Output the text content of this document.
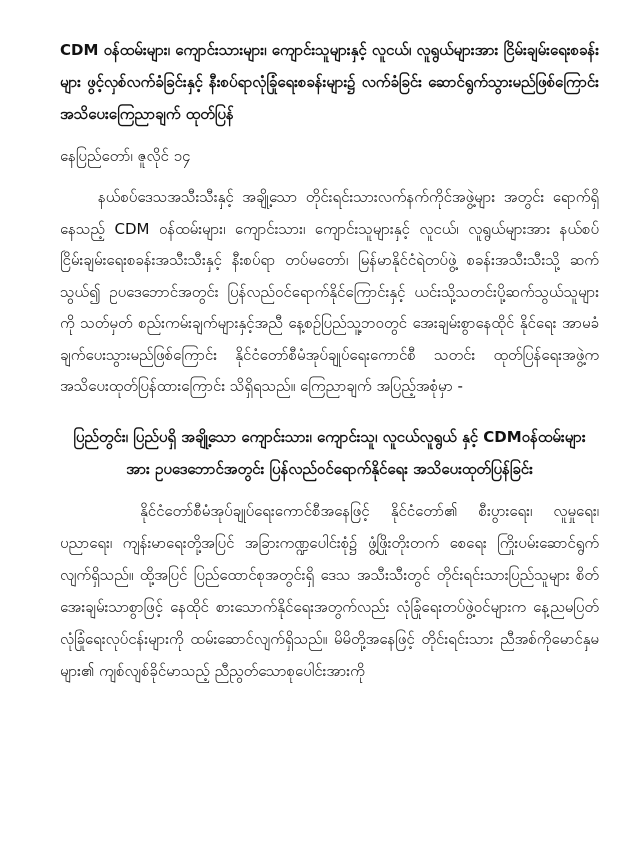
CDM ဝန်ထမ်းများ၊ ကျောင်းသားများ၊ ကျောင်းသူများနှင့် လူငယ်၊ လူရွယ်များအား ငြိမ်းချမ်းရေးစခန်းများ ဖွင့်လှစ်လက်ခံခြင်းနှင့် နီးစပ်ရာလုံခြုံရေးစခန်းများ၌ လက်ခံခြင်း ဆောင်ရွက်သွားမည်ဖြစ်ကြောင်း အသိပေးကြေညာချက် ထုတ်ပြန်

နေပြည်တော်၊ ဇူလိုင် ၁၄

နယ်စပ်ဒေသအသီးသီးနှင့် အချို့သော တိုင်းရင်းသားလက်နက်ကိုင်အဖွဲ့များ အတွင်း ရောက်ရှိနေသည့် CDM ဝန်ထမ်းများ၊ ကျောင်းသား၊ ကျောင်းသူများနှင့် လူငယ်၊ လူရွယ်များအား နယ်စပ်ငြိမ်းချမ်းရေးစခန်းအသီးသီးနှင့် နီးစပ်ရာ တပ်မတော်၊ မြန်မာနိုင်ငံရဲတပ်ဖွဲ့ စခန်းအသီးသီးသို့ ဆက်သွယ်၍ ဥပဒေဘောင်အတွင်း ပြန်လည်ဝင်ရောက်နိုင်ကြောင်းနှင့် ယင်းသို့သတင်းပို့ဆက်သွယ်သူများကို သတ်မှတ် စည်းကမ်းချက်များနှင့်အညီ နေ့စဉ်ပြည်သူ့ဘဝတွင် အေးချမ်းစွာနေထိုင် နိုင်ရေး အာမခံချက်ပေးသွားမည်ဖြစ်ကြောင်း နိုင်ငံတော်စီမံအုပ်ချုပ်ရေးကောင်စီ သတင်း ထုတ်ပြန်ရေးအဖွဲ့က အသိပေးထုတ်ပြန်ထားကြောင်း သိရှိရသည်။ ကြေညာချက် အပြည့်အစုံမှာ -

ပြည်တွင်း၊ ပြည်ပရှိ အချို့သော ကျောင်းသား၊ ကျောင်းသူ၊ လူငယ်လူရွယ် နှင့် CDMဝန်ထမ်းများအား ဥပဒေဘောင်အတွင်း ပြန်လည်ဝင်ရောက်နိုင်ရေး အသိပေးထုတ်ပြန်ခြင်း

နိုင်ငံတော်စီမံအုပ်ချုပ်ရေးကောင်စီအနေဖြင့် နိုင်ငံတော်၏ စီးပွားရေး၊ လူမှုရေး၊ ပညာရေး၊ ကျန်းမာရေးတို့အပြင် အခြားကဏ္ဍပေါင်းစုံ၌ ဖွံ့ဖြိုးတိုးတက် စေရေး ကြိုးပမ်းဆောင်ရွက်လျက်ရှိသည်။ ထို့အပြင် ပြည်ထောင်စုအတွင်းရှိ ဒေသ အသီးသီးတွင် တိုင်းရင်းသားပြည်သူများ စိတ်အေးချမ်းသာစွာဖြင့် နေထိုင် စားသောက်နိုင်ရေးအတွက်လည်း လုံခြုံရေးတပ်ဖွဲ့ဝင်များက နေ့ညမပြတ် လုံခြုံရေးလုပ်ငန်းများကို ထမ်းဆောင်လျက်ရှိသည်။ မိမိတို့အနေဖြင့် တိုင်းရင်းသား ညီအစ်ကိုမောင်နှမများ၏ ကျစ်လျစ်ခိုင်မာသည့် ညီညွတ်သောစုပေါင်းအားကို
